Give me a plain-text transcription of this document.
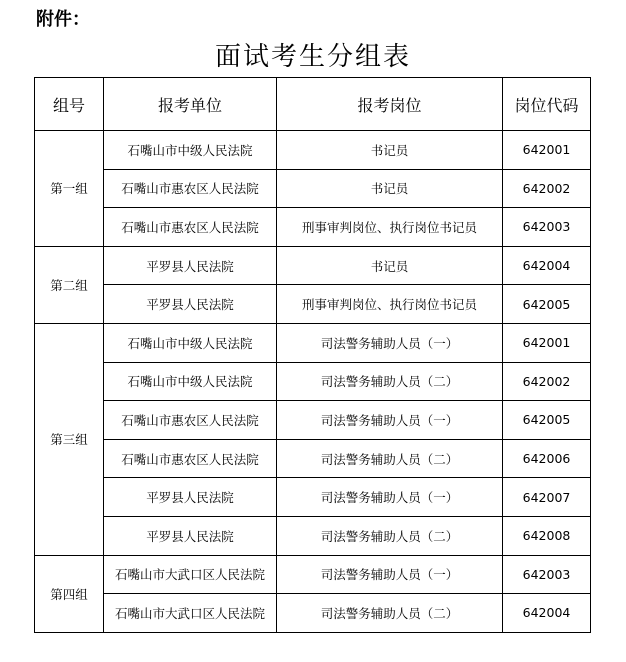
附件：
面试考生分组表
组号	报考单位	报考岗位	岗位代码
第一组	石嘴山市中级人民法院	书记员	642001
	石嘴山市惠农区人民法院	书记员	642002
	石嘴山市惠农区人民法院	刑事审判岗位、执行岗位书记员	642003
第二组	平罗县人民法院	书记员	642004
	平罗县人民法院	刑事审判岗位、执行岗位书记员	642005
第三组	石嘴山市中级人民法院	司法警务辅助人员（一）	642001
	石嘴山市中级人民法院	司法警务辅助人员（二）	642002
	石嘴山市惠农区人民法院	司法警务辅助人员（一）	642005
	石嘴山市惠农区人民法院	司法警务辅助人员（二）	642006
	平罗县人民法院	司法警务辅助人员（一）	642007
	平罗县人民法院	司法警务辅助人员（二）	642008
第四组	石嘴山市大武口区人民法院	司法警务辅助人员（一）	642003
	石嘴山市大武口区人民法院	司法警务辅助人员（二）	642004
